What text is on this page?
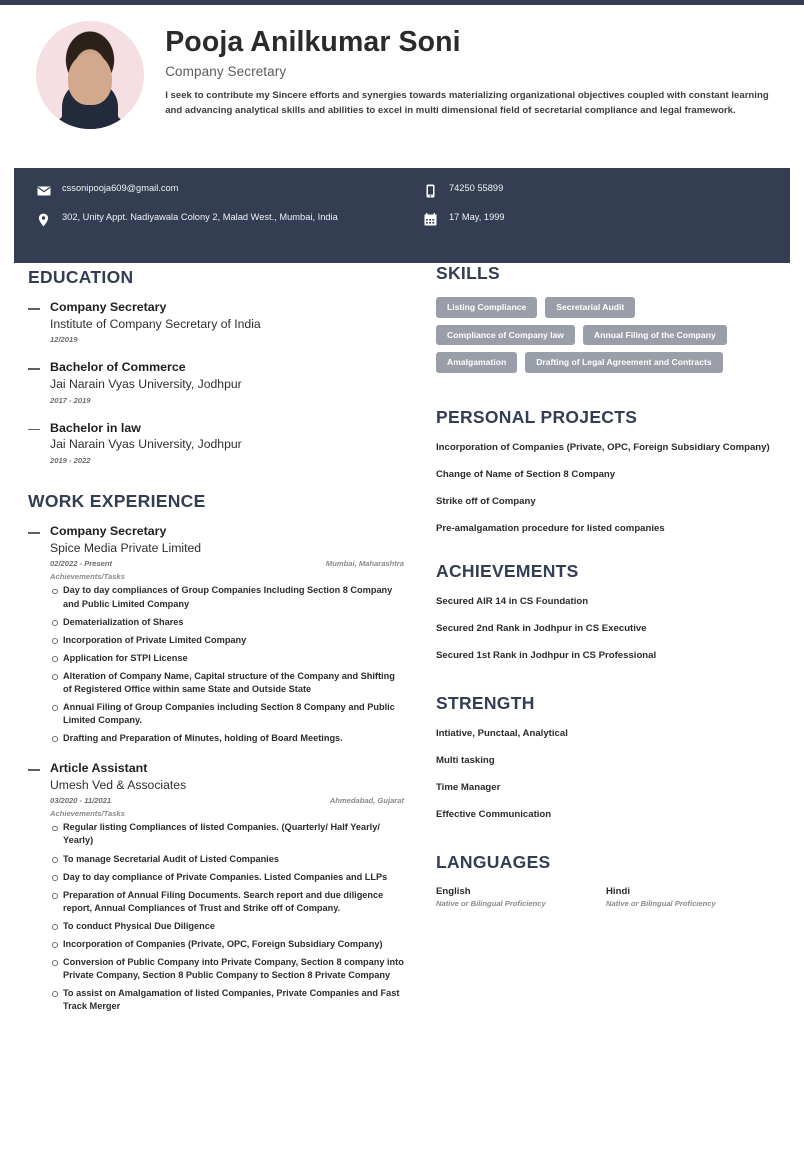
Pooja Anilkumar Soni
Company Secretary
I seek to contribute my Sincere efforts and synergies towards materializing organizational objectives coupled with constant learning and advancing analytical skills and abilities to excel in multi dimensional field of secretarial compliance and legal framework.
cssonipooja609@gmail.com
302, Unity Appt. Nadiyawala Colony 2, Malad West., Mumbai, India
74250 55899
17 May, 1999
EDUCATION
Company Secretary
Institute of Company Secretary of India
12/2019
Bachelor of Commerce
Jai Narain Vyas University, Jodhpur
2017 - 2019
Bachelor in law
Jai Narain Vyas University, Jodhpur
2019 - 2022
WORK EXPERIENCE
Company Secretary
Spice Media Private Limited
02/2022 - Present	Mumbai, Maharashtra
Achievements/Tasks
Day to day compliances of Group Companies Including Section 8 Company and Public Limited Company
Dematerialization of Shares
Incorporation of Private Limited Company
Application for STPI License
Alteration of Company Name, Capital structure of the Company and Shifting of Registered Office within same State and Outside State
Annual Filing of Group Companies including Section 8 Company and Public Limited Company.
Drafting and Preparation of Minutes, holding of Board Meetings.
Article Assistant
Umesh Ved & Associates
03/2020 - 11/2021	Ahmedabad, Gujarat
Achievements/Tasks
Regular listing Compliances of listed Companies. (Quarterly/ Half Yearly/ Yearly)
To manage Secretarial Audit of Listed Companies
Day to day compliance of Private Companies. Listed Companies and LLPs
Preparation of Annual Filing Documents. Search report and due diligence report, Annual Compliances of Trust and Strike off of Company.
To conduct Physical Due Diligence
Incorporation of Companies (Private, OPC, Foreign Subsidiary Company)
Conversion of Public Company into Private Company, Section 8 company into Private Company, Section 8 Public Company to Section 8 Private Company
To assist on Amalgamation of listed Companies, Private Companies and Fast Track Merger
SKILLS
Listing Compliance	Secretarial Audit
Compliance of Company law	Annual Filing of the Company
Amalgamation	Drafting of Legal Agreement and Contracts
PERSONAL PROJECTS
Incorporation of Companies (Private, OPC, Foreign Subsidiary Company)
Change of Name of Section 8 Company
Strike off of Company
Pre-amalgamation procedure for listed companies
ACHIEVEMENTS
Secured AIR 14 in CS Foundation
Secured 2nd Rank in Jodhpur in CS Executive
Secured 1st Rank in Jodhpur in CS Professional
STRENGTH
Intiative, Punctaal, Analytical
Multi tasking
Time Manager
Effective Communication
LANGUAGES
English
Native or Bilingual Proficiency
Hindi
Native or Bilingual Proficiency
